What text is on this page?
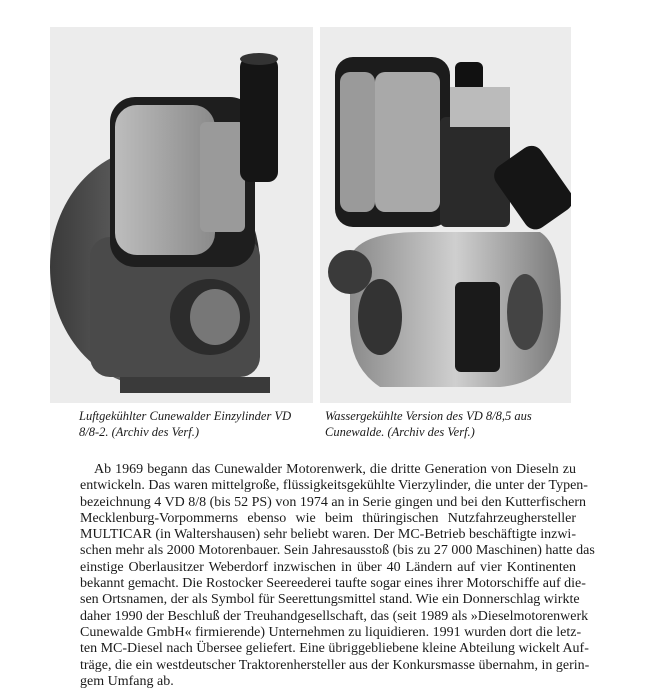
Luftgekühlter Cunewalder Einzylinder VD
8/8-2. (Archiv des Verf.)
Wassergekühlte Version des VD 8/8,5 aus
Cunewalde. (Archiv des Verf.)
Ab 1969 begann das Cunewalder Motorenwerk, die dritte Generation von Dieseln zu
entwickeln. Das waren mittelgroße, flüssigkeitsgekühlte Vierzylinder, die unter der Typen-
bezeichnung 4 VD 8/8 (bis 52 PS) von 1974 an in Serie gingen und bei den Kutterfischern
Mecklenburg-Vorpommerns ebenso wie beim thüringischen Nutzfahrzeughersteller
MULTICAR (in Waltershausen) sehr beliebt waren. Der MC-Betrieb beschäftigte inzwi-
schen mehr als 2000 Motorenbauer. Sein Jahresausstoß (bis zu 27 000 Maschinen) hatte das
einstige Oberlausitzer Weberdorf inzwischen in über 40 Ländern auf vier Kontinenten
bekannt gemacht. Die Rostocker Seereederei taufte sogar eines ihrer Motorschiffe auf die-
sen Ortsnamen, der als Symbol für Seerettungsmittel stand. Wie ein Donnerschlag wirkte
daher 1990 der Beschluß der Treuhandgesellschaft, das (seit 1989 als »Dieselmotorenwerk
Cunewalde GmbH« firmierende) Unternehmen zu liquidieren. 1991 wurden dort die letz-
ten MC-Diesel nach Übersee geliefert. Eine übriggebliebene kleine Abteilung wickelt Auf-
träge, die ein westdeutscher Traktorenhersteller aus der Konkursmasse übernahm, in gerin-
gem Umfang ab.
